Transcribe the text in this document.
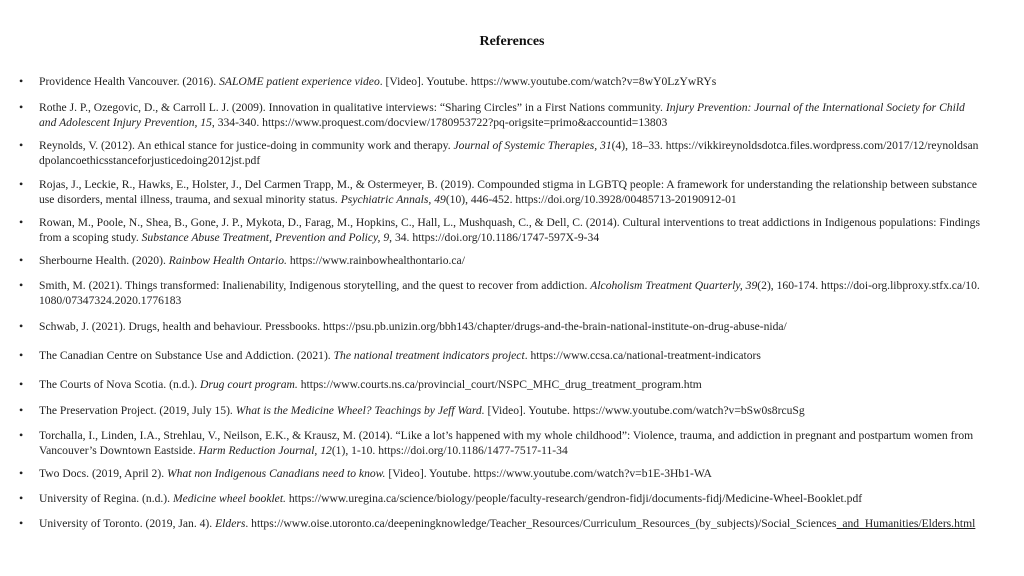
References
• Providence Health Vancouver. (2016). SALOME patient experience video. [Video]. Youtube. https://www.youtube.com/watch?v=8wY0LzYwRYs
• Rothe J. P., Ozegovic, D., & Carroll L. J. (2009). Innovation in qualitative interviews: “Sharing Circles” in a First Nations community. Injury Prevention: Journal of the International Society for Child and Adolescent Injury Prevention, 15, 334-340. https://www.proquest.com/docview/1780953722?pq-origsite=primo&accountid=13803
• Reynolds, V. (2012). An ethical stance for justice-doing in community work and therapy. Journal of Systemic Therapies, 31(4), 18–33. https://vikkireynoldsdotca.files.wordpress.com/2017/12/reynoldsandpolancoethicsstanceforjusticedoing2012jst.pdf
• Rojas, J., Leckie, R., Hawks, E., Holster, J., Del Carmen Trapp, M., & Ostermeyer, B. (2019). Compounded stigma in LGBTQ people: A framework for understanding the relationship between substance use disorders, mental illness, trauma, and sexual minority status. Psychiatric Annals, 49(10), 446-452. https://doi.org/10.3928/00485713-20190912-01
• Rowan, M., Poole, N., Shea, B., Gone, J. P., Mykota, D., Farag, M., Hopkins, C., Hall, L., Mushquash, C., & Dell, C. (2014). Cultural interventions to treat addictions in Indigenous populations: Findings from a scoping study. Substance Abuse Treatment, Prevention and Policy, 9, 34. https://doi.org/10.1186/1747-597X-9-34
• Sherbourne Health. (2020). Rainbow Health Ontario. https://www.rainbowhealthontario.ca/
• Smith, M. (2021). Things transformed: Inalienability, Indigenous storytelling, and the quest to recover from addiction. Alcoholism Treatment Quarterly, 39(2), 160-174. https://doi-org.libproxy.stfx.ca/10.1080/07347324.2020.1776183
• Schwab, J. (2021). Drugs, health and behaviour. Pressbooks. https://psu.pb.unizin.org/bbh143/chapter/drugs-and-the-brain-national-institute-on-drug-abuse-nida/
• The Canadian Centre on Substance Use and Addiction. (2021). The national treatment indicators project. https://www.ccsa.ca/national-treatment-indicators
• The Courts of Nova Scotia. (n.d.). Drug court program. https://www.courts.ns.ca/provincial_court/NSPC_MHC_drug_treatment_program.htm
• The Preservation Project. (2019, July 15). What is the Medicine Wheel? Teachings by Jeff Ward. [Video]. Youtube. https://www.youtube.com/watch?v=bSw0s8rcuSg
• Torchalla, I., Linden, I.A., Strehlau, V., Neilson, E.K., & Krausz, M. (2014). “Like a lot’s happened with my whole childhood”: Violence, trauma, and addiction in pregnant and postpartum women from Vancouver’s Downtown Eastside. Harm Reduction Journal, 12(1), 1-10. https://doi.org/10.1186/1477-7517-11-34
• Two Docs. (2019, April 2). What non Indigenous Canadians need to know. [Video]. Youtube. https://www.youtube.com/watch?v=b1E-3Hb1-WA
• University of Regina. (n.d.). Medicine wheel booklet. https://www.uregina.ca/science/biology/people/faculty-research/gendron-fidji/documents-fidj/Medicine-Wheel-Booklet.pdf
• University of Toronto. (2019, Jan. 4). Elders. https://www.oise.utoronto.ca/deepeningknowledge/Teacher_Resources/Curriculum_Resources_(by_subjects)/Social_Sciences_and_Humanities/Elders.html
